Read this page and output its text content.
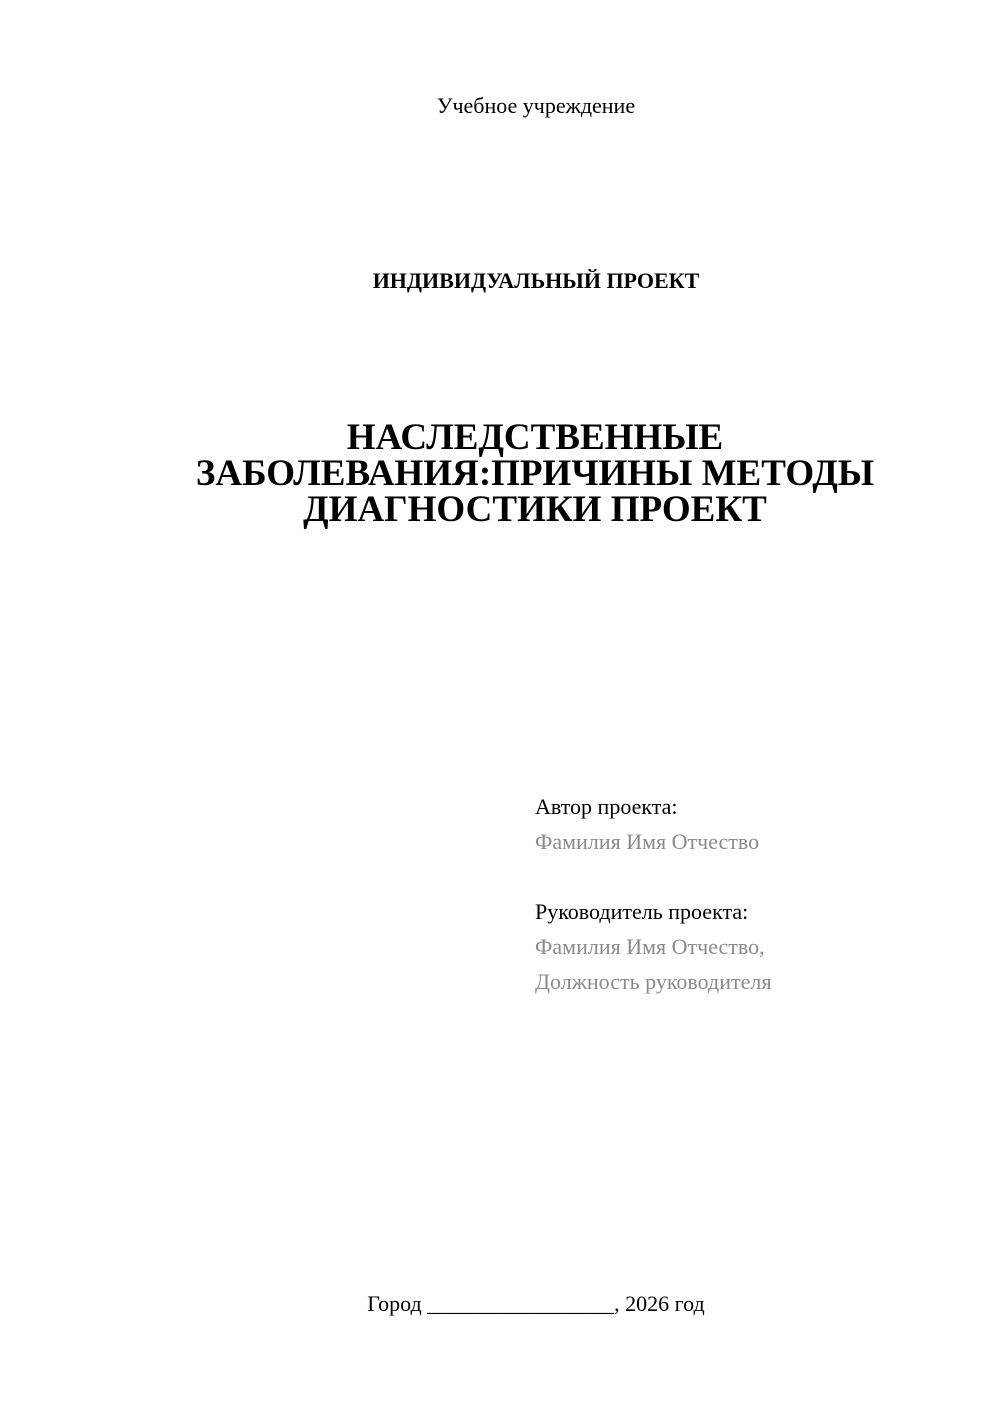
Учебное учреждение
ИНДИВИДУАЛЬНЫЙ ПРОЕКТ
НАСЛЕДСТВЕННЫЕ
ЗАБОЛЕВАНИЯ:ПРИЧИНЫ МЕТОДЫ
ДИАГНОСТИКИ ПРОЕКТ
Автор проекта:
Фамилия Имя Отчество
Руководитель проекта:
Фамилия Имя Отчество,
Должность руководителя
Город _________________, 2026 год
